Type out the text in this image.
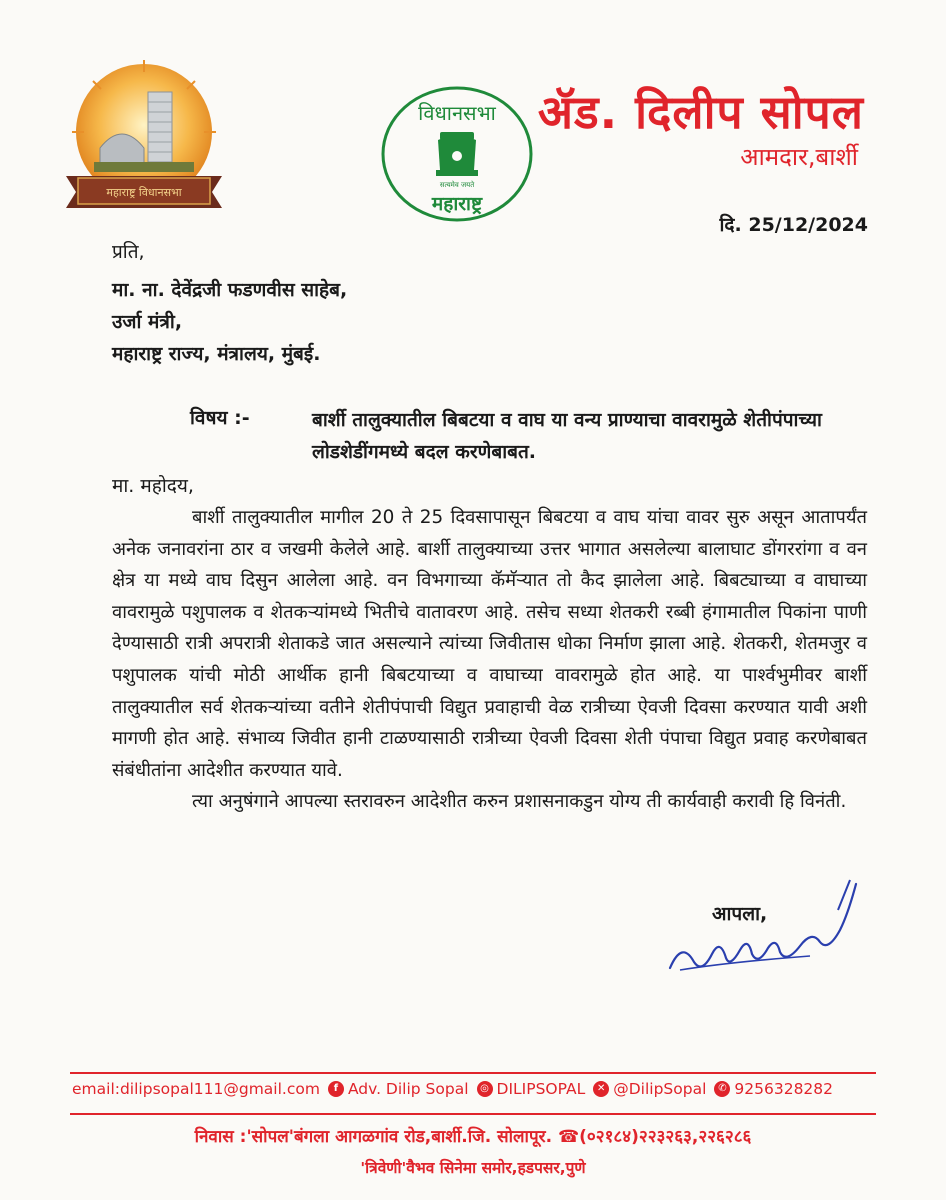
महाराष्ट्र विधानसभा
विधानसभा
सत्यमेव जयते
महाराष्ट्र
ॲड. दिलीप सोपल
आमदार,बार्शी
दि. 25/12/2024
प्रति,
मा. ना. देवेंद्रजी फडणवीस साहेब,
उर्जा मंत्री,
महाराष्ट्र राज्य, मंत्रालय, मुंबई.
विषय :-	बार्शी तालुक्यातील बिबटया व वाघ या वन्य प्राण्याचा वावरामुळे शेतीपंपाच्या लोडशेडींगमध्ये बदल करणेबाबत.
मा. महोदय,

बार्शी तालुक्यातील मागील 20 ते 25 दिवसापासून बिबटया व वाघ यांचा वावर सुरु असून आतापर्यंत अनेक जनावरांना ठार व जखमी केलेले आहे. बार्शी तालुक्याच्या उत्तर भागात असलेल्या बालाघाट डोंगररांगा व वन क्षेत्र या मध्ये वाघ दिसुन आलेला आहे. वन विभगाच्या कॅमॅऱ्यात तो कैद झालेला आहे. बिबट्याच्या व वाघाच्या वावरामुळे पशुपालक व शेतकऱ्यांमध्ये भितीचे वातावरण आहे. तसेच सध्या शेतकरी रब्बी हंगामातील पिकांना पाणी देण्यासाठी रात्री अपरात्री शेताकडे जात असल्याने त्यांच्या जिवीतास धोका निर्माण झाला आहे. शेतकरी, शेतमजुर व पशुपालक यांची मोठी आर्थीक हानी बिबटयाच्या व वाघाच्या वावरामुळे होत आहे. या पार्श्वभुमीवर बार्शी तालुक्यातील सर्व शेतकऱ्यांच्या वतीने शेतीपंपाची विद्युत प्रवाहाची वेळ रात्रीच्या ऐवजी दिवसा करण्यात यावी अशी मागणी होत आहे. संभाव्य जिवीत हानी टाळण्यासाठी रात्रीच्या ऐवजी दिवसा शेती पंपाचा विद्युत प्रवाह करणेबाबत संबंधीतांना आदेशीत करण्यात यावे.

त्या अनुषंगाने आपल्या स्तरावरुन आदेशीत करुन प्रशासनाकडुन योग्य ती कार्यवाही करावी हि विनंती.

आपला,
email:dilipsopal111@gmail.com	f Adv. Dilip Sopal	◎ DILIPSOPAL	✕ @DilipSopal	✆ 9256328282
निवास :'सोपल'बंगला आगळगांव रोड,बार्शी.जि. सोलापूर. ☎(०२१८४)२२३२६३,२२६२८६
'त्रिवेणी'वैभव सिनेमा समोर,हडपसर,पुणे
